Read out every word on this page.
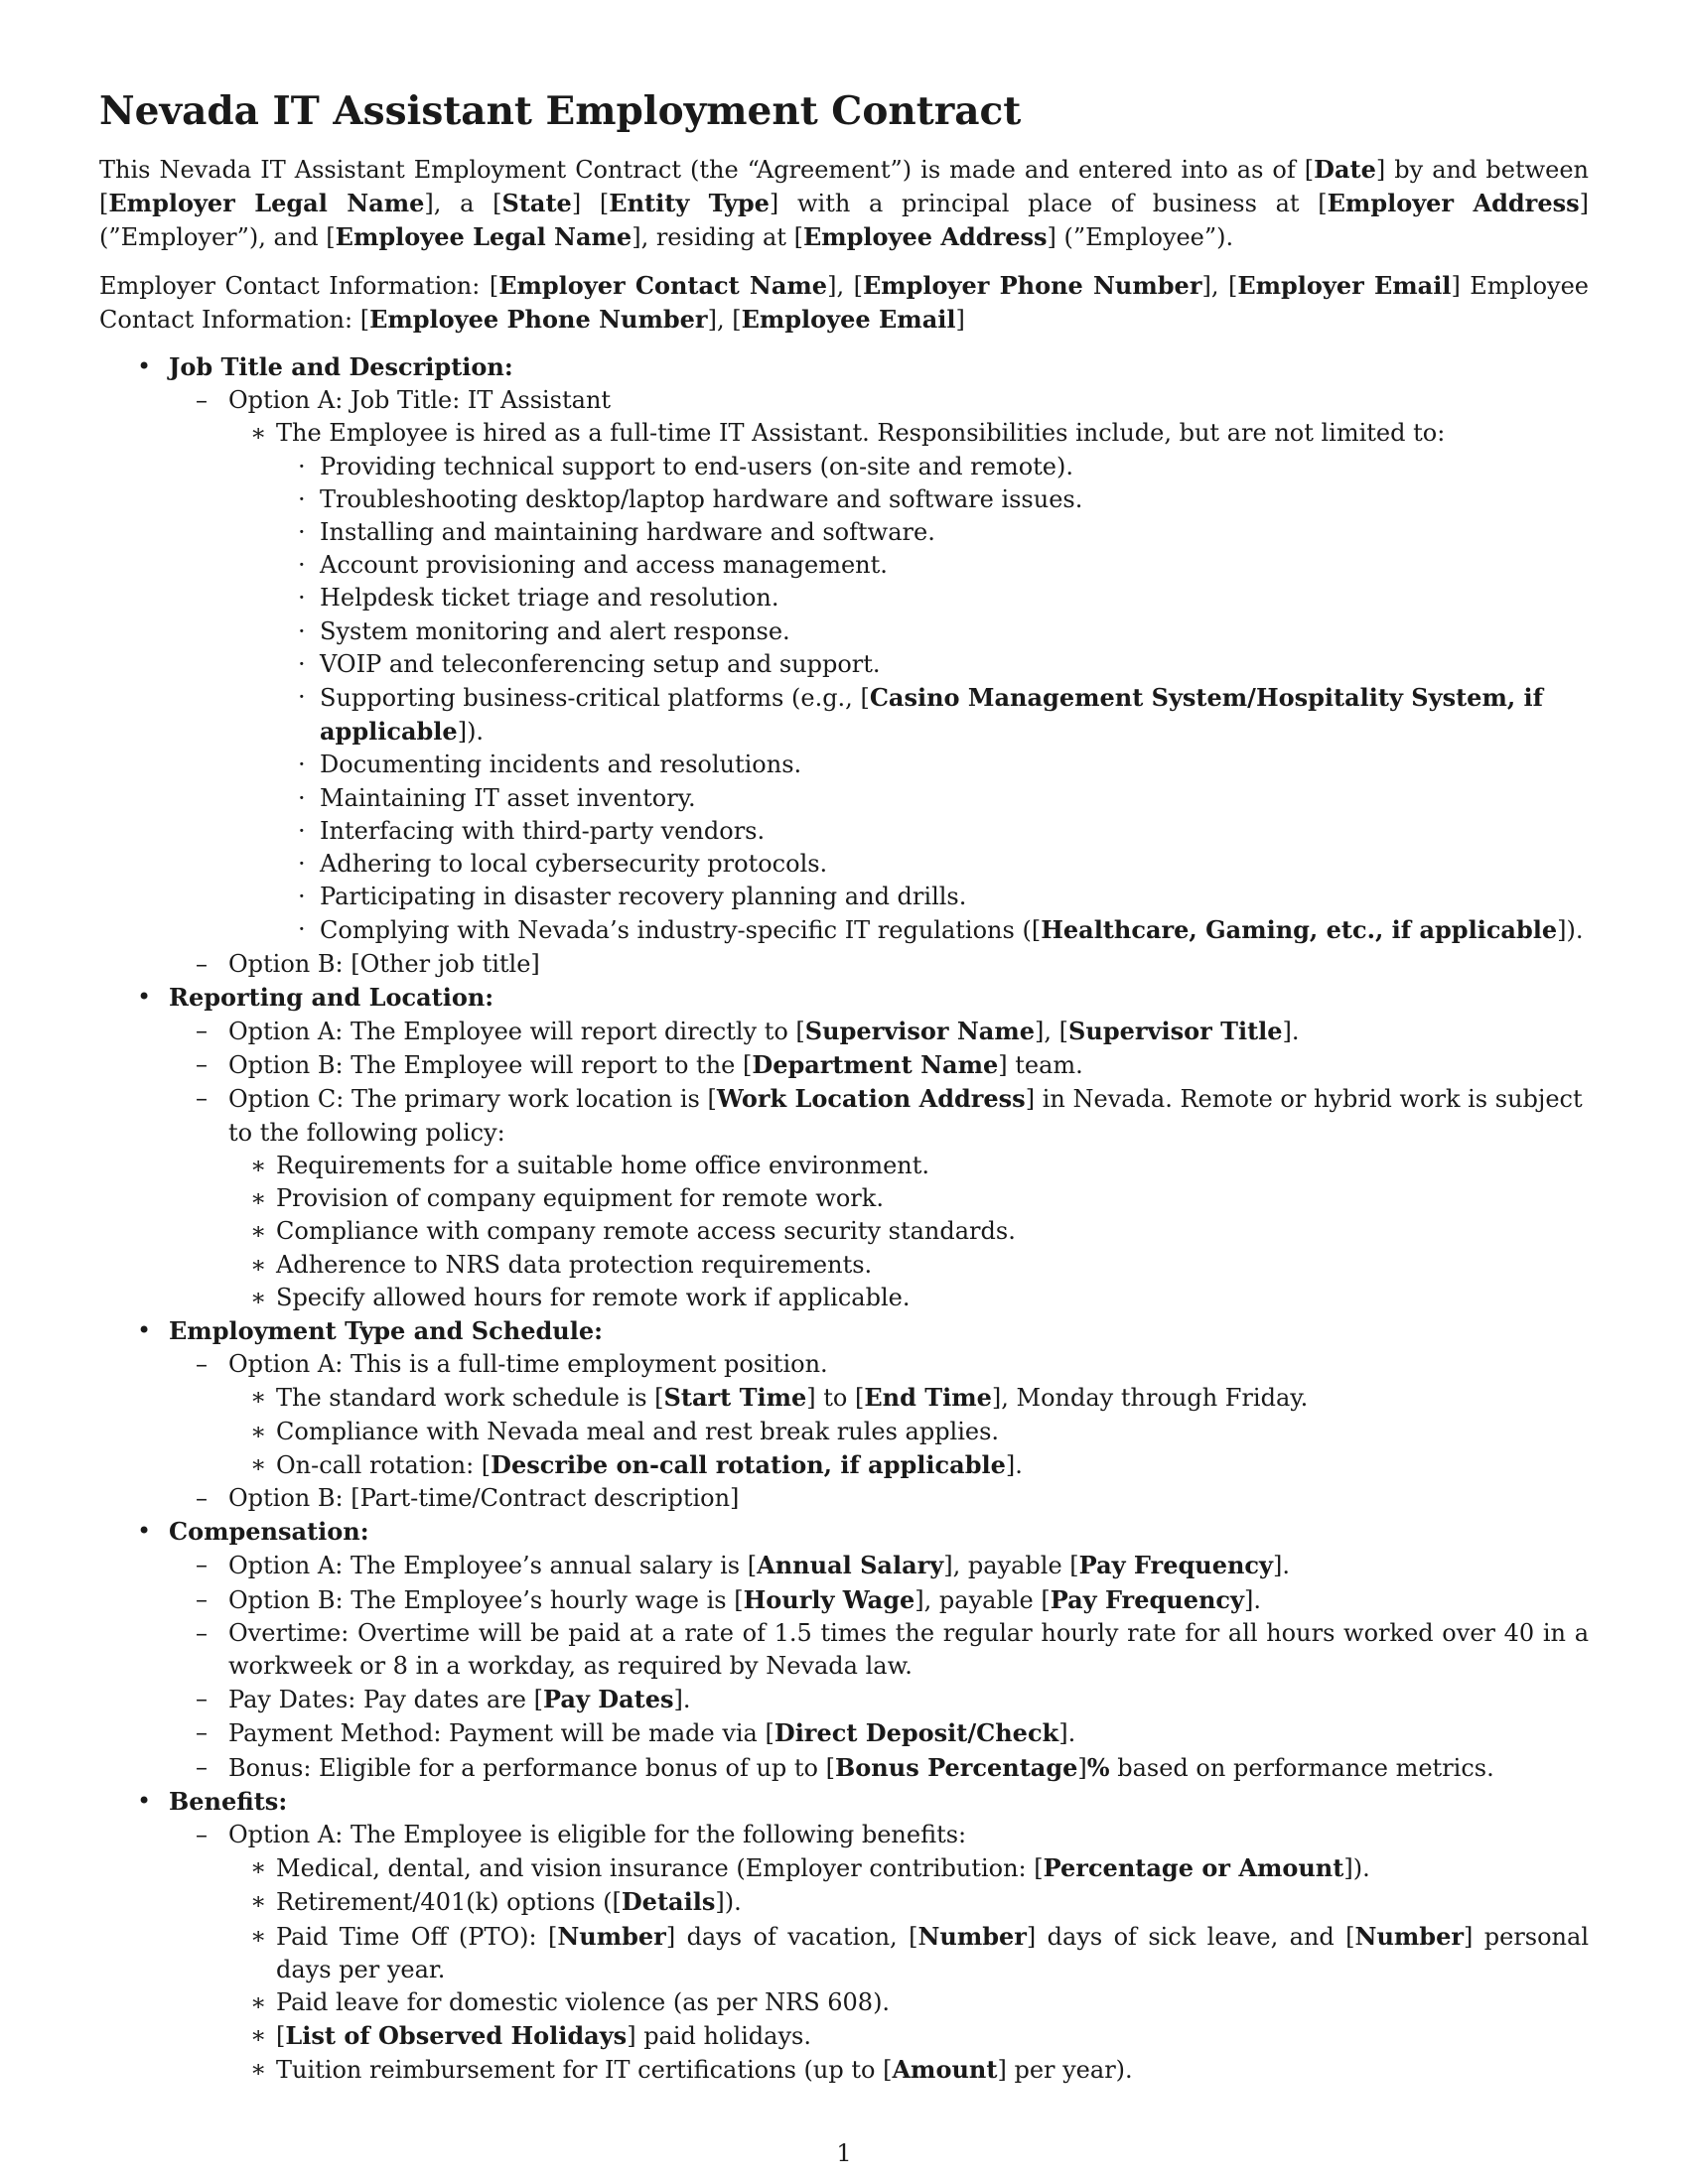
Nevada IT Assistant Employment Contract

This Nevada IT Assistant Employment Contract (the “Agreement”) is made and entered into as of [Date] by and between [Employer Legal Name], a [State] [Entity Type] with a principal place of business at [Employer Address] (”Employer”), and [Employee Legal Name], residing at [Employee Address] (”Employee”).

Employer Contact Information: [Employer Contact Name], [Employer Phone Number], [Employer Email] Employee Contact Information: [Employee Phone Number], [Employee Email]

• Job Title and Description:
– Option A: Job Title: IT Assistant
∗ The Employee is hired as a full-time IT Assistant. Responsibilities include, but are not limited to:
· Providing technical support to end-users (on-site and remote).
· Troubleshooting desktop/laptop hardware and software issues.
· Installing and maintaining hardware and software.
· Account provisioning and access management.
· Helpdesk ticket triage and resolution.
· System monitoring and alert response.
· VOIP and teleconferencing setup and support.
· Supporting business-critical platforms (e.g., [Casino Management System/Hospitality System, if applicable]).
· Documenting incidents and resolutions.
· Maintaining IT asset inventory.
· Interfacing with third-party vendors.
· Adhering to local cybersecurity protocols.
· Participating in disaster recovery planning and drills.
· Complying with Nevada’s industry-specific IT regulations ([Healthcare, Gaming, etc., if applicable]).
– Option B: [Other job title]
• Reporting and Location:
– Option A: The Employee will report directly to [Supervisor Name], [Supervisor Title].
– Option B: The Employee will report to the [Department Name] team.
– Option C: The primary work location is [Work Location Address] in Nevada. Remote or hybrid work is subject to the following policy:
∗ Requirements for a suitable home office environment.
∗ Provision of company equipment for remote work.
∗ Compliance with company remote access security standards.
∗ Adherence to NRS data protection requirements.
∗ Specify allowed hours for remote work if applicable.
• Employment Type and Schedule:
– Option A: This is a full-time employment position.
∗ The standard work schedule is [Start Time] to [End Time], Monday through Friday.
∗ Compliance with Nevada meal and rest break rules applies.
∗ On-call rotation: [Describe on-call rotation, if applicable].
– Option B: [Part-time/Contract description]
• Compensation:
– Option A: The Employee’s annual salary is [Annual Salary], payable [Pay Frequency].
– Option B: The Employee’s hourly wage is [Hourly Wage], payable [Pay Frequency].
– Overtime: Overtime will be paid at a rate of 1.5 times the regular hourly rate for all hours worked over 40 in a workweek or 8 in a workday, as required by Nevada law.
– Pay Dates: Pay dates are [Pay Dates].
– Payment Method: Payment will be made via [Direct Deposit/Check].
– Bonus: Eligible for a performance bonus of up to [Bonus Percentage]% based on performance metrics.
• Benefits:
– Option A: The Employee is eligible for the following benefits:
∗ Medical, dental, and vision insurance (Employer contribution: [Percentage or Amount]).
∗ Retirement/401(k) options ([Details]).
∗ Paid Time Off (PTO): [Number] days of vacation, [Number] days of sick leave, and [Number] personal days per year.
∗ Paid leave for domestic violence (as per NRS 608).
∗ [List of Observed Holidays] paid holidays.
∗ Tuition reimbursement for IT certifications (up to [Amount] per year).
1
